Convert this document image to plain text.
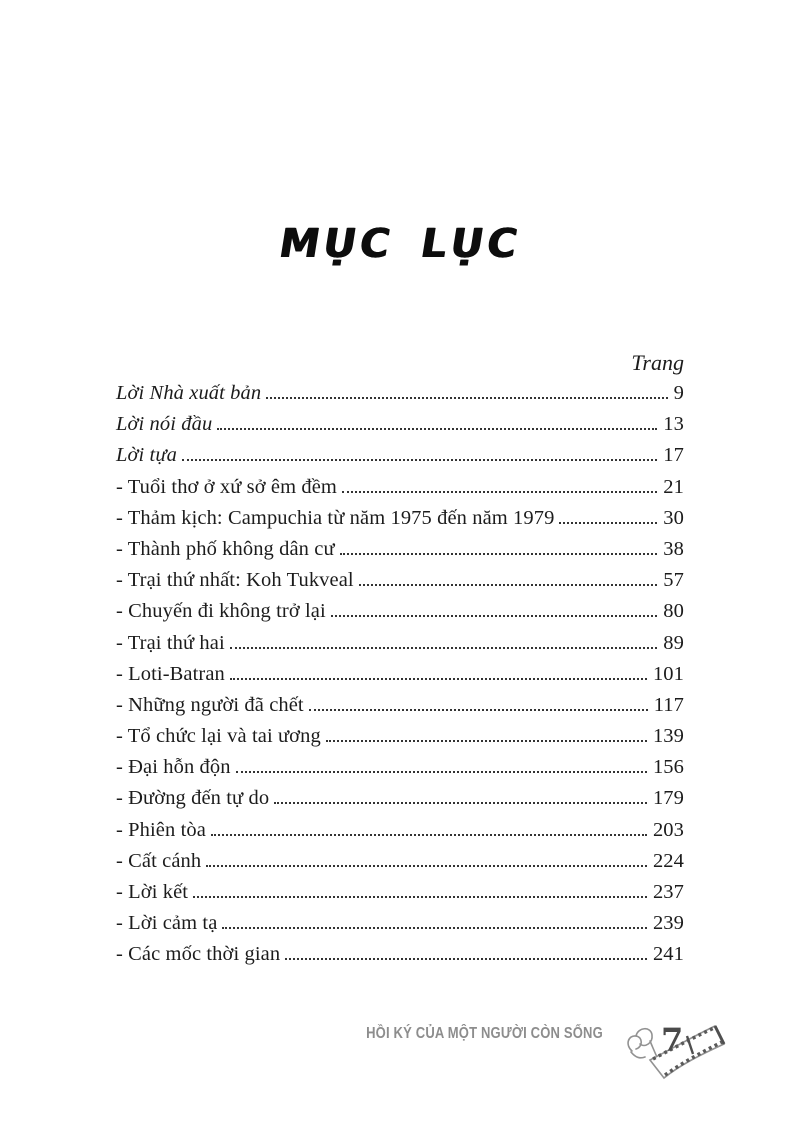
MỤC LỤC
Trang
Lời Nhà xuất bản	9
Lời nói đầu	13
Lời tựa	17
- Tuổi thơ ở xứ sở êm đềm	21
- Thảm kịch: Campuchia từ năm 1975 đến năm 1979	30
- Thành phố không dân cư	38
- Trại thứ nhất: Koh Tukveal	57
- Chuyến đi không trở lại	80
- Trại thứ hai	89
- Loti-Batran	101
- Những người đã chết	117
- Tổ chức lại và tai ương	139
- Đại hỗn độn	156
- Đường đến tự do	179
- Phiên tòa	203
- Cất cánh	224
- Lời kết	237
- Lời cảm tạ	239
- Các mốc thời gian	241
HỒI KÝ CỦA MỘT NGƯỜI CÒN SỐNG 7
